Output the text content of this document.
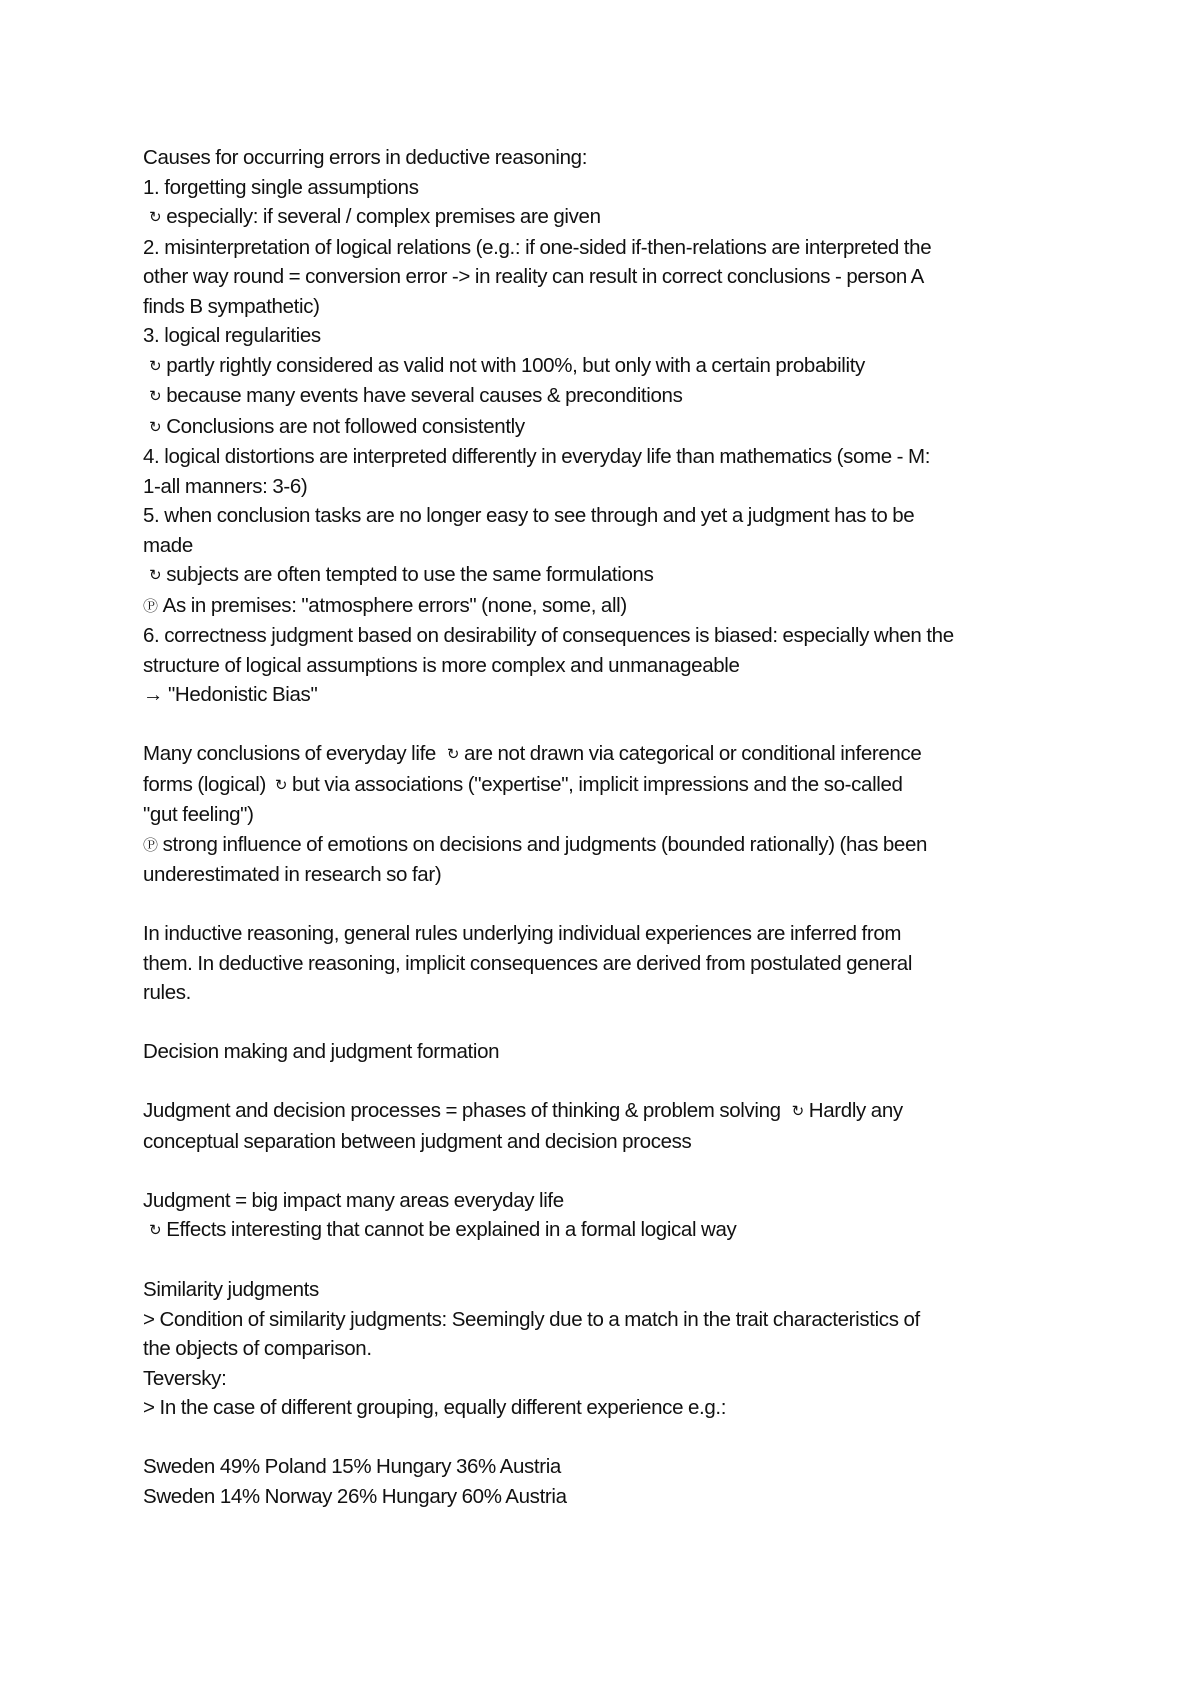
Causes for occurring errors in deductive reasoning:

1. forgetting single assumptions

↻ especially: if several / complex premises are given

2. misinterpretation of logical relations (e.g.: if one-sided if-then-relations are interpreted the

other way round = conversion error -> in reality can result in correct conclusions - person A

finds B sympathetic)

3. logical regularities

↻ partly rightly considered as valid not with 100%, but only with a certain probability

↻ because many events have several causes & preconditions

↻ Conclusions are not followed consistently

4. logical distortions are interpreted differently in everyday life than mathematics (some - M:

1-all manners: 3-6)

5. when conclusion tasks are no longer easy to see through and yet a judgment has to be

made

↻ subjects are often tempted to use the same formulations

Ⓟ As in premises: "atmosphere errors" (none, some, all)

6. correctness judgment based on desirability of consequences is biased: especially when the

structure of logical assumptions is more complex and unmanageable

→ "Hedonistic Bias"

Many conclusions of everyday life ↻ are not drawn via categorical or conditional inference

forms (logical) ↻ but via associations ("expertise", implicit impressions and the so-called

"gut feeling")

Ⓟ strong influence of emotions on decisions and judgments (bounded rationally) (has been

underestimated in research so far)

In inductive reasoning, general rules underlying individual experiences are inferred from

them. In deductive reasoning, implicit consequences are derived from postulated general

rules.

Decision making and judgment formation

Judgment and decision processes = phases of thinking & problem solving ↻ Hardly any

conceptual separation between judgment and decision process

Judgment = big impact many areas everyday life

↻ Effects interesting that cannot be explained in a formal logical way

Similarity judgments

> Condition of similarity judgments: Seemingly due to a match in the trait characteristics of

the objects of comparison.

Teversky:

> In the case of different grouping, equally different experience e.g.:

Sweden 49% Poland 15% Hungary 36% Austria

Sweden 14% Norway 26% Hungary 60% Austria
